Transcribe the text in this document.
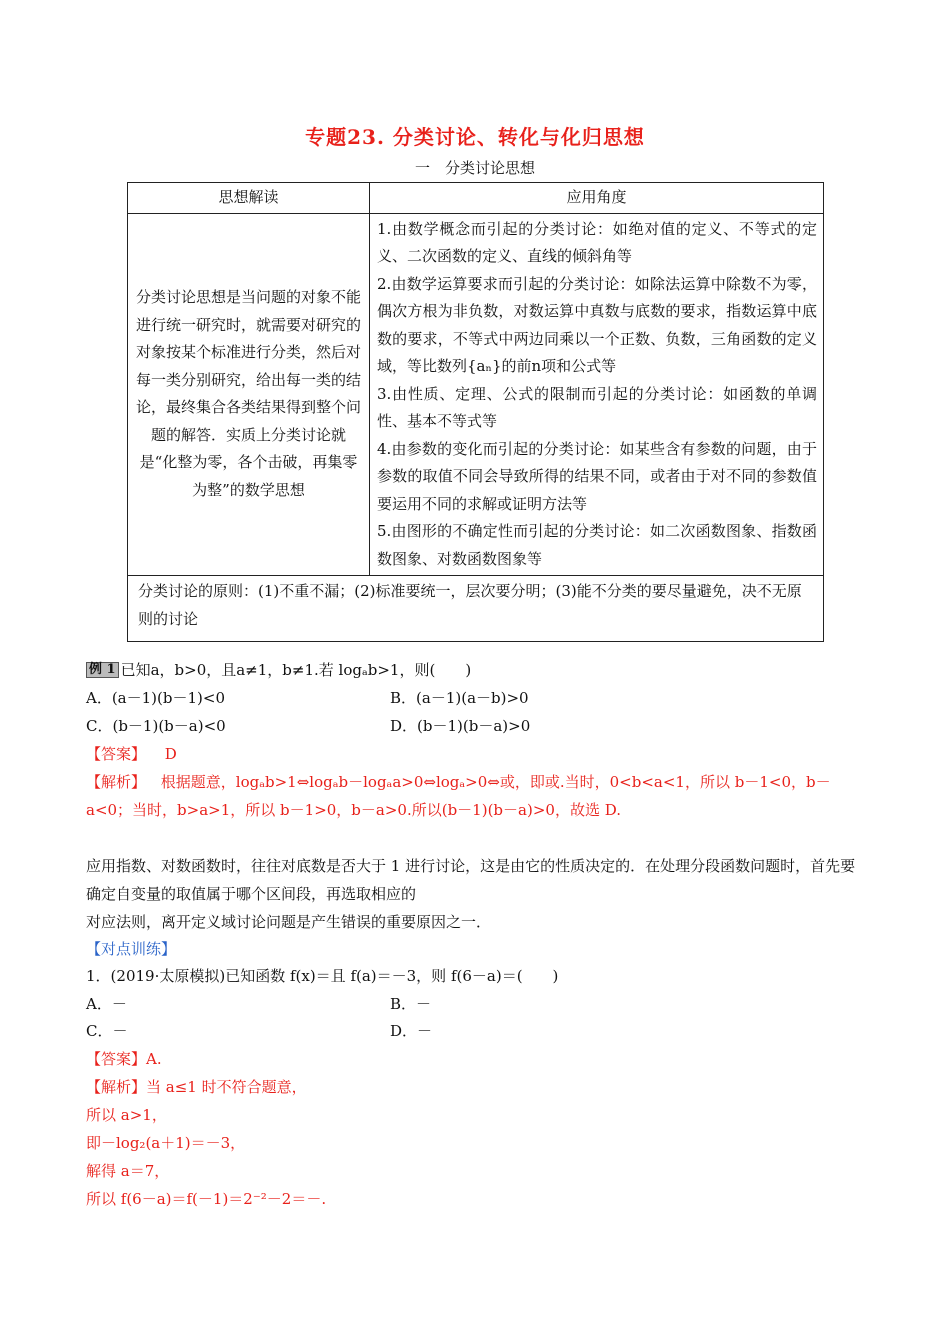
专题23. 分类讨论、转化与化归思想
一　分类讨论思想
思想解读	应用角度
分类讨论思想是当问题的对象不能进行统一研究时，就需要对研究的对象按某个标准进行分类，然后对每一类分别研究，给出每一类的结论，最终集合各类结果得到整个问题的解答．实质上分类讨论就是“化整为零，各个击破，再集零为整”的数学思想	1.由数学概念而引起的分类讨论：如绝对值的定义、不等式的定义、二次函数的定义、直线的倾斜角等
2.由数学运算要求而引起的分类讨论：如除法运算中除数不为零，偶次方根为非负数，对数运算中真数与底数的要求，指数运算中底数的要求，不等式中两边同乘以一个正数、负数，三角函数的定义域，等比数列{aₙ}的前n项和公式等
3.由性质、定理、公式的限制而引起的分类讨论：如函数的单调性、基本不等式等
4.由参数的变化而引起的分类讨论：如某些含有参数的问题，由于参数的取值不同会导致所得的结果不同，或者由于对不同的参数值要运用不同的求解或证明方法等
5.由图形的不确定性而引起的分类讨论：如二次函数图象、指数函数图象、对数函数图象等

分类讨论的原则：(1)不重不漏；(2)标准要统一，层次要分明；(3)能不分类的要尽量避免，决不无原则的讨论	
例 1 已知a，b>0，且a≠1，b≠1.若 logₐb>1，则(　　)
A．(a－1)(b－1)<0	B．(a－1)(a－b)>0
C．(b－1)(b－a)<0	D．(b－1)(b－a)>0
【答案】 D
【解析】 根据题意，logₐb>1⇔logₐb－logₐa>0⇔logₐ>0⇔或，即或.当时，0<b<a<1，所以 b－1<0，b－a<0；当时，b>a>1，所以 b－1>0，b－a>0.所以(b－1)(b－a)>0，故选 D.
应用指数、对数函数时，往往对底数是否大于 1 进行讨论，这是由它的性质决定的．在处理分段函数问题时，首先要确定自变量的取值属于哪个区间段，再选取相应的
对应法则，离开定义域讨论问题是产生错误的重要原因之一．
【对点训练】
1．(2019·太原模拟)已知函数 f(x)＝且 f(a)＝－3，则 f(6－a)＝(　　)
A．－	B．－
C．－	D．－
【答案】A.
【解析】当 a≤1 时不符合题意，
所以 a>1，
即－log₂(a＋1)＝－3，
解得 a＝7，
所以 f(6－a)＝f(－1)＝2⁻²－2＝－.
